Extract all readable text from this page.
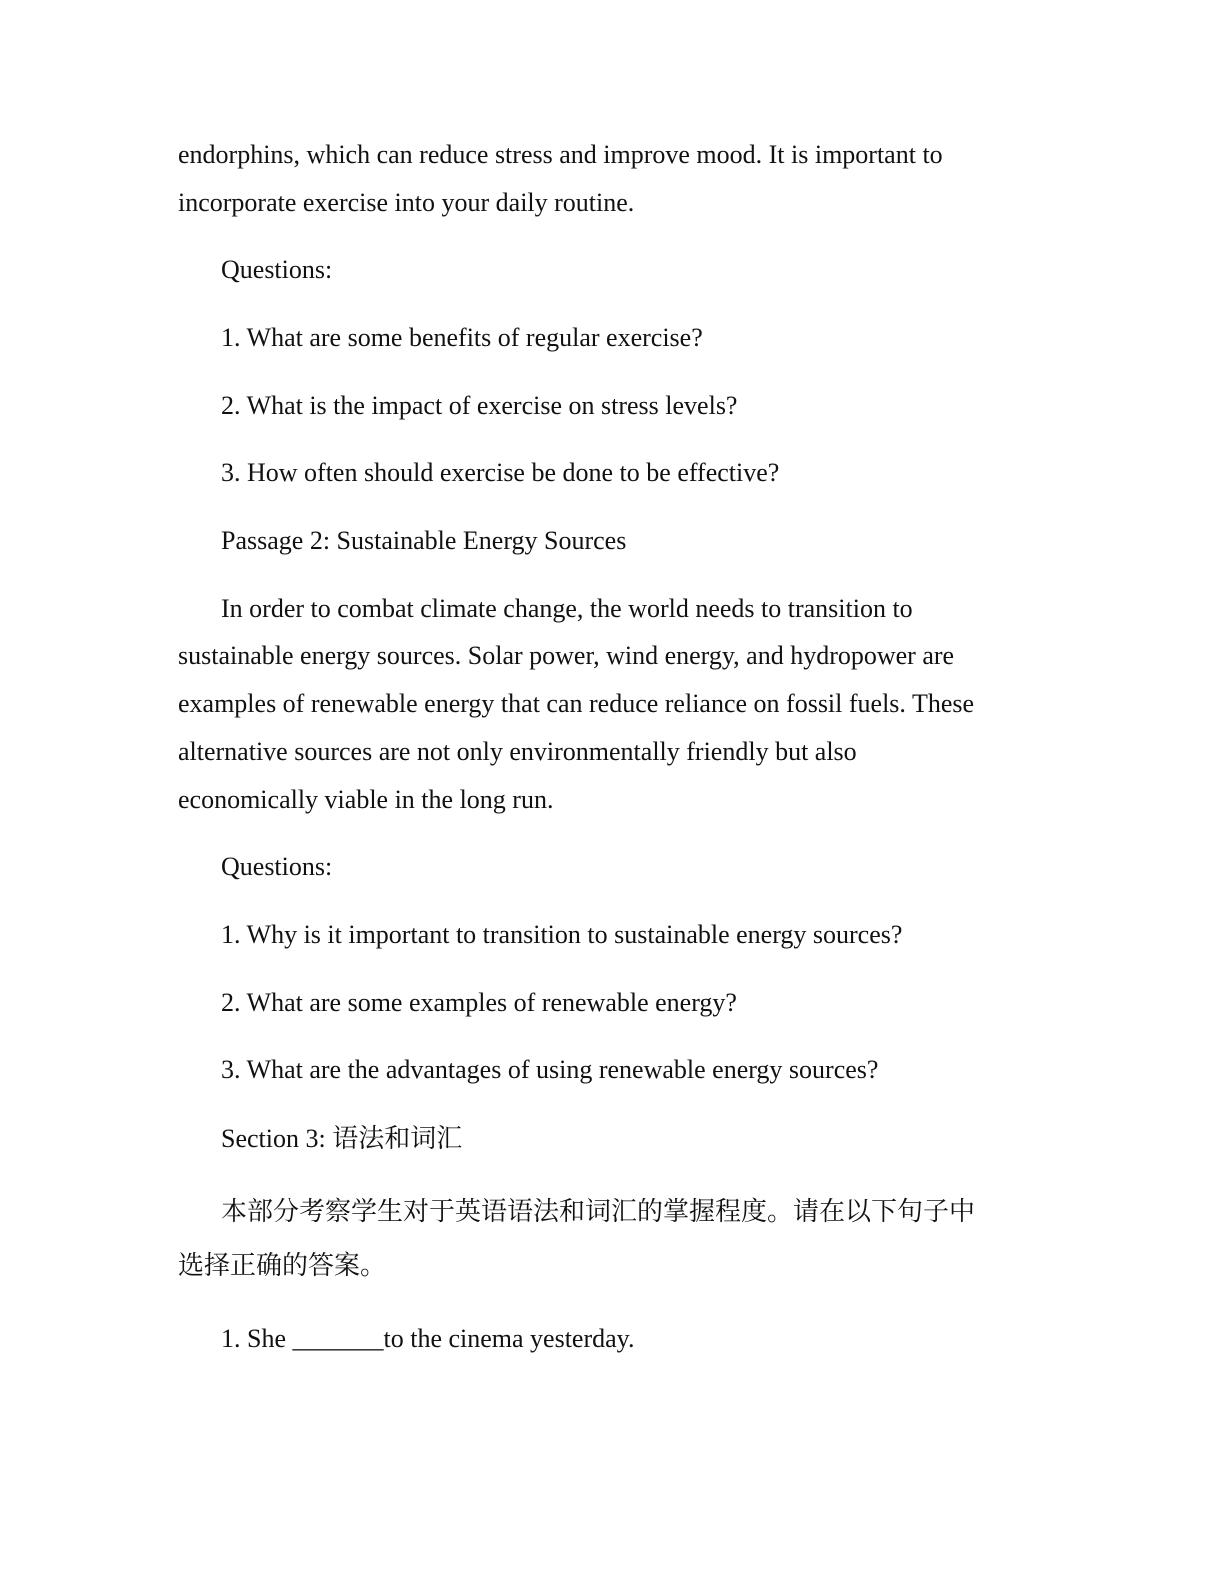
endorphins, which can reduce stress and improve mood. It is important to
incorporate exercise into your daily routine.
Questions:
1. What are some benefits of regular exercise?
2. What is the impact of exercise on stress levels?
3. How often should exercise be done to be effective?
Passage 2: Sustainable Energy Sources
In order to combat climate change, the world needs to transition to
sustainable energy sources. Solar power, wind energy, and hydropower are
examples of renewable energy that can reduce reliance on fossil fuels. These
alternative sources are not only environmentally friendly but also
economically viable in the long run.
Questions:
1. Why is it important to transition to sustainable energy sources?
2. What are some examples of renewable energy?
3. What are the advantages of using renewable energy sources?
Section 3: 语法和词汇
本部分考察学生对于英语语法和词汇的掌握程度。请在以下句子中
选择正确的答案。
1. She _______to the cinema yesterday.
